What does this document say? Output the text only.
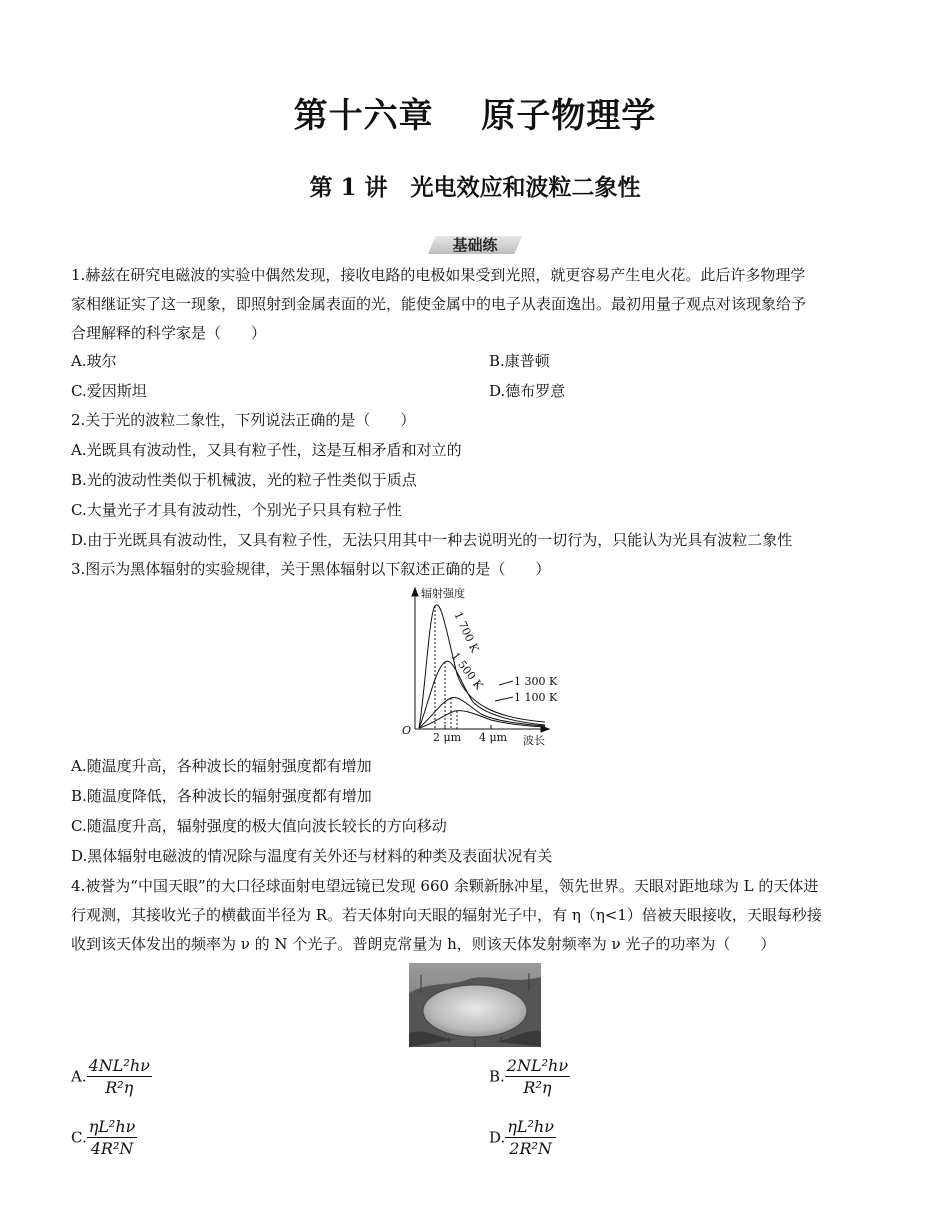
第十六章　 原子物理学
第 1 讲　光电效应和波粒二象性
基础练
1.赫兹在研究电磁波的实验中偶然发现，接收电路的电极如果受到光照，就更容易产生电火花。此后许多物理学
家相继证实了这一现象，即照射到金属表面的光，能使金属中的电子从表面逸出。最初用量子观点对该现象给予
合理解释的科学家是（　　）
A.玻尔	B.康普顿
C.爱因斯坦	D.德布罗意
2.关于光的波粒二象性，下列说法正确的是（　　）
A.光既具有波动性，又具有粒子性，这是互相矛盾和对立的
B.光的波动性类似于机械波，光的粒子性类似于质点
C.大量光子才具有波动性，个别光子只具有粒子性
D.由于光既具有波动性，又具有粒子性，无法只用其中一种去说明光的一切行为，只能认为光具有波粒二象性
3.图示为黑体辐射的实验规律，关于黑体辐射以下叙述正确的是（　　）
辐射强度
O
2 μm 4 μm 波长
1 700 K
1 500 K	1 300 K
1 100 K
A.随温度升高，各种波长的辐射强度都有增加
B.随温度降低，各种波长的辐射强度都有增加
C.随温度升高，辐射强度的极大值向波长较长的方向移动
D.黑体辐射电磁波的情况除与温度有关外还与材料的种类及表面状况有关
4.被誉为“中国天眼”的大口径球面射电望远镜已发现 660 余颗新脉冲星，领先世界。天眼对距地球为 L 的天体进
行观测，其接收光子的横截面半径为 R。若天体射向天眼的辐射光子中，有 η（η<1）倍被天眼接收，天眼每秒接
收到该天体发出的频率为 ν 的 N 个光子。普朗克常量为 h，则该天体发射频率为 ν 光子的功率为（　　）
A. $\frac{\text{4NL²hν}}{\text{R²η}}$	B. $\frac{\text{2NL²hν}}{\text{R²η}}$
C. $\frac{\text{ηL²hν}}{\text{4R²N}}$	D. $\frac{\text{ηL²hν}}{\text{2R²N}}$
